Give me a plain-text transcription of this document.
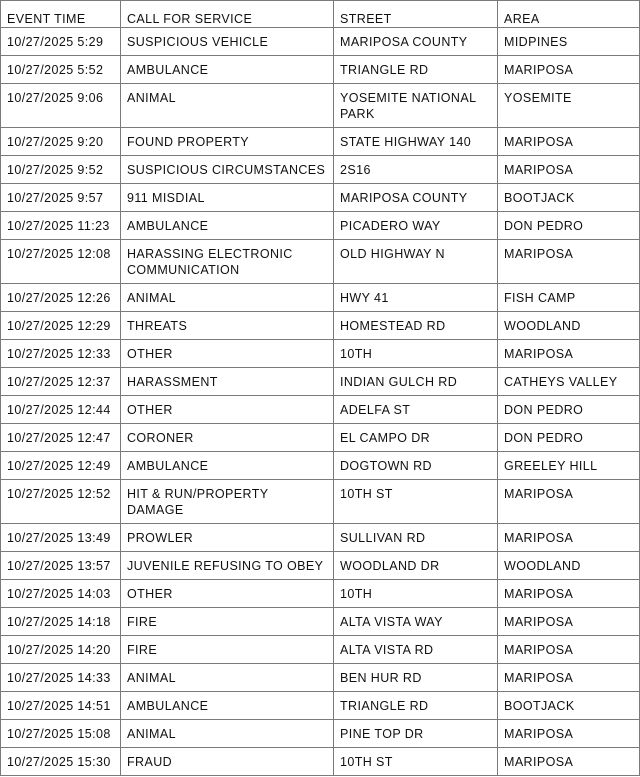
EVENT TIME	CALL FOR SERVICE	STREET	AREA
10/27/2025 5:29	SUSPICIOUS VEHICLE	MARIPOSA COUNTY	MIDPINES
10/27/2025 5:52	AMBULANCE	TRIANGLE RD	MARIPOSA
10/27/2025 9:06	ANIMAL	YOSEMITE NATIONAL PARK	YOSEMITE
10/27/2025 9:20	FOUND PROPERTY	STATE HIGHWAY 140	MARIPOSA
10/27/2025 9:52	SUSPICIOUS CIRCUMSTANCES	2S16	MARIPOSA
10/27/2025 9:57	911 MISDIAL	MARIPOSA COUNTY	BOOTJACK
10/27/2025 11:23	AMBULANCE	PICADERO WAY	DON PEDRO
10/27/2025 12:08	HARASSING ELECTRONIC COMMUNICATION	OLD HIGHWAY N	MARIPOSA
10/27/2025 12:26	ANIMAL	HWY 41	FISH CAMP
10/27/2025 12:29	THREATS	HOMESTEAD RD	WOODLAND
10/27/2025 12:33	OTHER	10TH	MARIPOSA
10/27/2025 12:37	HARASSMENT	INDIAN GULCH RD	CATHEYS VALLEY
10/27/2025 12:44	OTHER	ADELFA ST	DON PEDRO
10/27/2025 12:47	CORONER	EL CAMPO DR	DON PEDRO
10/27/2025 12:49	AMBULANCE	DOGTOWN RD	GREELEY HILL
10/27/2025 12:52	HIT & RUN/PROPERTY DAMAGE	10TH ST	MARIPOSA
10/27/2025 13:49	PROWLER	SULLIVAN RD	MARIPOSA
10/27/2025 13:57	JUVENILE REFUSING TO OBEY	WOODLAND DR	WOODLAND
10/27/2025 14:03	OTHER	10TH	MARIPOSA
10/27/2025 14:18	FIRE	ALTA VISTA WAY	MARIPOSA
10/27/2025 14:20	FIRE	ALTA VISTA RD	MARIPOSA
10/27/2025 14:33	ANIMAL	BEN HUR RD	MARIPOSA
10/27/2025 14:51	AMBULANCE	TRIANGLE RD	BOOTJACK
10/27/2025 15:08	ANIMAL	PINE TOP DR	MARIPOSA
10/27/2025 15:30	FRAUD	10TH ST	MARIPOSA
